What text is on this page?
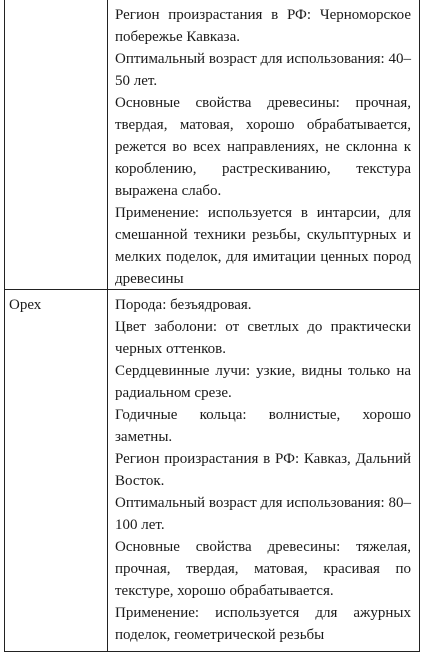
Регион произрастания в РФ: Черноморское побережье Кавказа.

Оптимальный возраст для использования: 40–50 лет.

Основные свойства древесины: прочная, твердая, матовая, хорошо обрабатывается, режется во всех направлениях, не склонна к короблению, растрескиванию, текстура выражена слабо.

Применение: используется в интарсии, для смешанной техники резьбы, скульптурных и мелких поделок, для имитации ценных пород древесины

Орех	Порода: безъядровая.

Цвет заболони: от светлых до практически черных оттенков.

Сердцевинные лучи: узкие, видны только на радиальном срезе.

Годичные кольца: волнистые, хорошо заметны.

Регион произрастания в РФ: Кавказ, Дальний Восток.

Оптимальный возраст для использования: 80–100 лет.

Основные свойства древесины: тяжелая, прочная, твердая, матовая, красивая по текстуре, хорошо обрабатывается.

Применение: используется для ажурных поделок, геометрической резьбы
